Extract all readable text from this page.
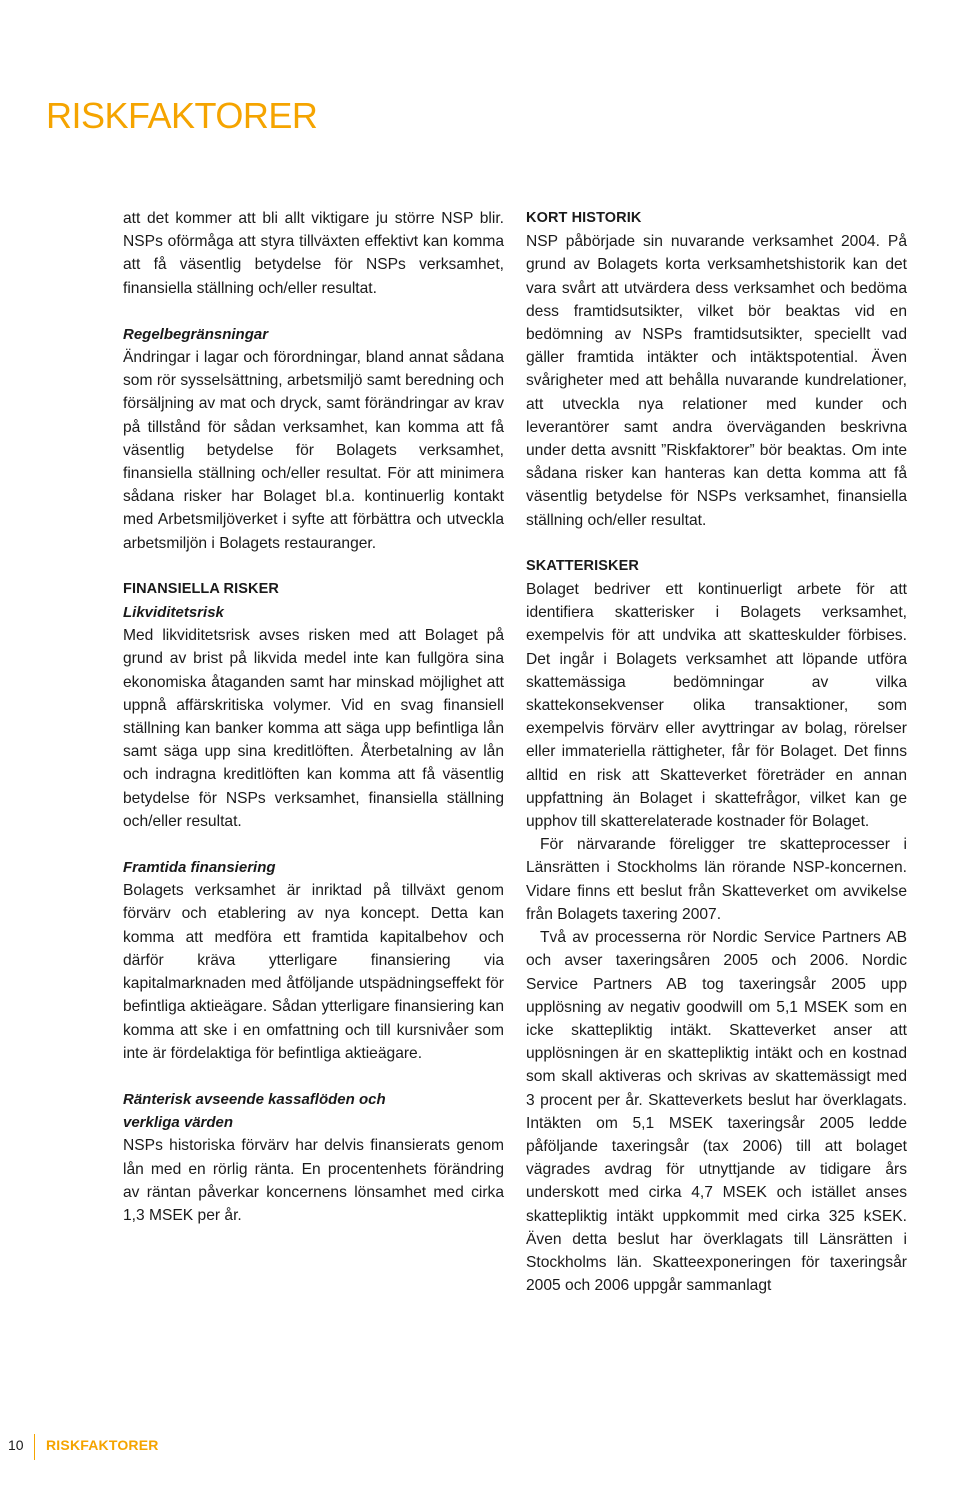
RISKFAKTORER

att det kommer att bli allt viktigare ju större NSP blir. NSPs oförmåga att styra tillväxten effektivt kan komma att få väsentlig betydelse för NSPs verksamhet, finansiella ställning och/eller resultat.

Regelbegränsningar

Ändringar i lagar och förordningar, bland annat sådana som rör sysselsättning, arbetsmiljö samt beredning och försäljning av mat och dryck, samt förändringar av krav på tillstånd för sådan verksamhet, kan komma att få väsentlig betydelse för Bolagets verksamhet, finansiella ställning och/eller resultat. För att minimera sådana risker har Bolaget bl.a. kontinuerlig kontakt med Arbetsmiljöverket i syfte att förbättra och utveckla arbetsmiljön i Bolagets restauranger.

FINANSIELLA RISKER

Likviditetsrisk

Med likviditetsrisk avses risken med att Bolaget på grund av brist på likvida medel inte kan fullgöra sina ekonomiska åtaganden samt har minskad möjlighet att uppnå affärskritiska volymer. Vid en svag finansiell ställning kan banker komma att säga upp befintliga lån samt säga upp sina kreditlöften. Återbetalning av lån och indragna kreditlöften kan komma att få väsentlig betydelse för NSPs verksamhet, finansiella ställning och/eller resultat.

Framtida finansiering

Bolagets verksamhet är inriktad på tillväxt genom förvärv och etablering av nya koncept. Detta kan komma att medföra ett framtida kapitalbehov och därför kräva ytterligare finansiering via kapitalmarknaden med åtföljande utspädningseffekt för befintliga aktieägare. Sådan ytterligare finansiering kan komma att ske i en omfattning och till kursnivåer som inte är fördelaktiga för befintliga aktieägare.

Ränterisk avseende kassaflöden och

verkliga värden

NSPs historiska förvärv har delvis finansierats genom lån med en rörlig ränta. En procentenhets förändring av räntan påverkar koncernens lönsamhet med cirka 1,3 MSEK per år.

KORT HISTORIK

NSP påbörjade sin nuvarande verksamhet 2004. På grund av Bolagets korta verksamhetshistorik kan det vara svårt att utvärdera dess verksamhet och bedöma dess framtidsutsikter, vilket bör beaktas vid en bedömning av NSPs framtidsutsikter, speciellt vad gäller framtida intäkter och intäktspotential. Även svårigheter med att behålla nuvarande kundrelationer, att utveckla nya relationer med kunder och leverantörer samt andra överväganden beskrivna under detta avsnitt ”Riskfaktorer” bör beaktas. Om inte sådana risker kan hanteras kan detta komma att få väsentlig betydelse för NSPs verksamhet, finansiella ställning och/eller resultat.

SKATTERISKER

Bolaget bedriver ett kontinuerligt arbete för att identifiera skatterisker i Bolagets verksamhet, exempelvis för att undvika att skatteskulder förbises. Det ingår i Bolagets verksamhet att löpande utföra skattemässiga bedömningar av vilka skattekonsekvenser olika transaktioner, som exempelvis förvärv eller avyttringar av bolag, rörelser eller immateriella rättigheter, får för Bolaget. Det finns alltid en risk att Skatteverket företräder en annan uppfattning än Bolaget i skattefrågor, vilket kan ge upphov till skatterelaterade kostnader för Bolaget.

För närvarande föreligger tre skatteprocesser i Länsrätten i Stockholms län rörande NSP-koncernen. Vidare finns ett beslut från Skatteverket om avvikelse från Bolagets taxering 2007.

Två av processerna rör Nordic Service Partners AB och avser taxeringsåren 2005 och 2006. Nordic Service Partners AB tog taxeringsår 2005 upp upplösning av negativ goodwill om 5,1 MSEK som en icke skattepliktig intäkt. Skatteverket anser att upplösningen är en skattepliktig intäkt och en kostnad som skall aktiveras och skrivas av skattemässigt med 3 procent per år. Skatteverkets beslut har överklagats. Intäkten om 5,1 MSEK taxeringsår 2005 ledde påföljande taxeringsår (tax 2006) till att bolaget vägrades avdrag för utnyttjande av tidigare års underskott med cirka 4,7 MSEK och istället anses skattepliktig intäkt uppkommit med cirka 325 kSEK. Även detta beslut har överklagats till Länsrätten i Stockholms län. Skatteexponeringen för taxeringsår 2005 och 2006 uppgår sammanlagt

10 RISKFAKTORER
